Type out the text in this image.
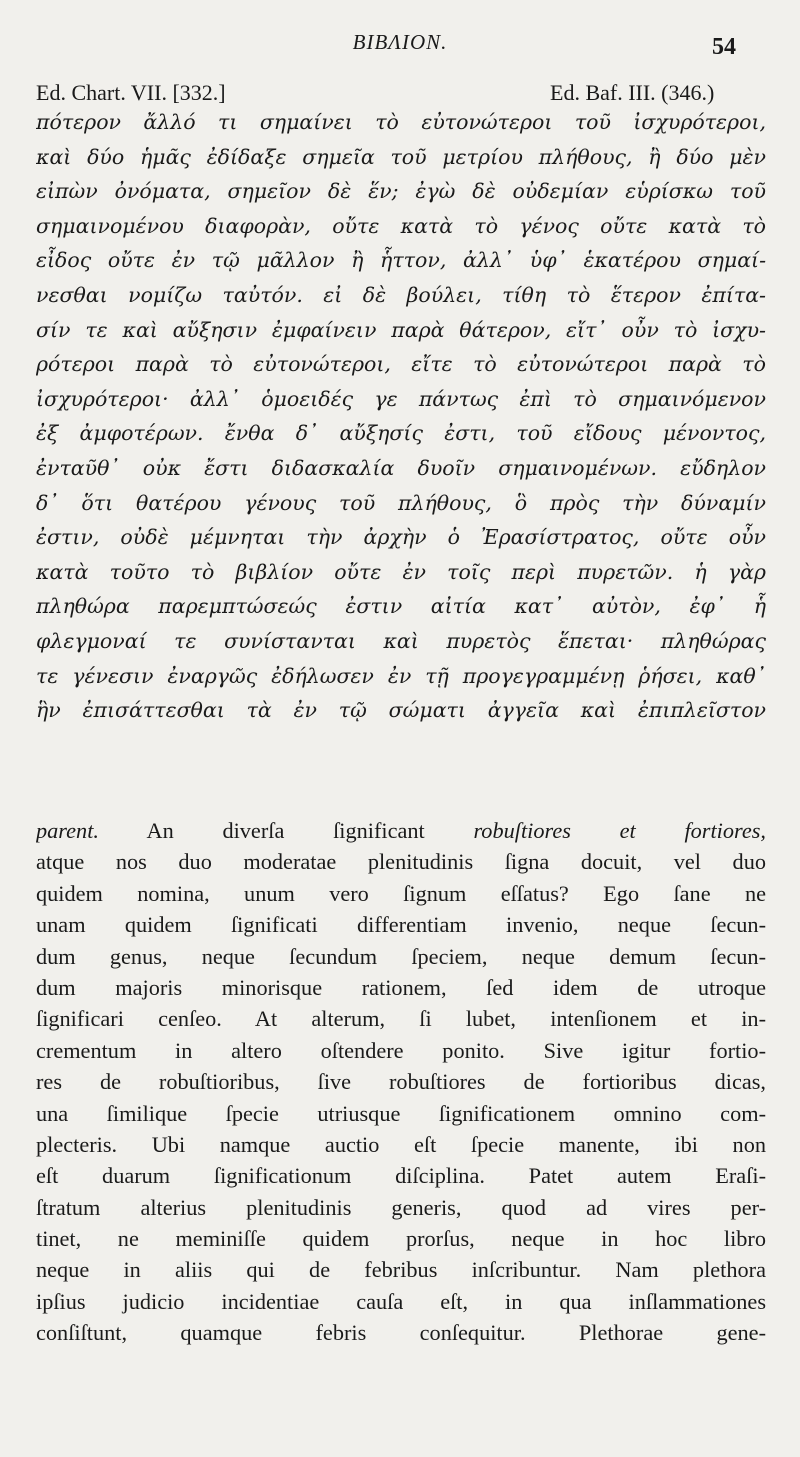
ΒΙΒΛΙΟΝ.	54
Ed. Chart. VII. [332.]	Ed. Baf. III. (346.)
πότερον ἄλλό τι σημαίνει τὸ εὐτονώτεροι τοῦ ἰσχυρότεροι,
καὶ δύο ἡμᾶς ἐδίδαξε σημεῖα τοῦ μετρίου πλήθους, ἢ δύο μὲν
εἰπὼν ὀνόματα, σημεῖον δὲ ἕν; ἐγὼ δὲ οὐδεμίαν εὑρίσκω τοῦ
σημαινομένου διαφορὰν, οὔτε κατὰ τὸ γένος οὔτε κατὰ τὸ
εἶδος οὔτε ἐν τῷ μᾶλλον ἢ ἧττον, ἀλλ᾽ ὑφ᾽ ἑκατέρου σημαί-
νεσθαι νομίζω ταὐτόν. εἰ δὲ βούλει, τίθη τὸ ἕτερον ἐπίτα-
σίν τε καὶ αὔξησιν ἐμφαίνειν παρὰ θάτερον, εἴτ᾽ οὖν τὸ ἰσχυ-
ρότεροι παρὰ τὸ εὐτονώτεροι, εἴτε τὸ εὐτονώτεροι παρὰ τὸ
ἰσχυρότεροι· ἀλλ᾽ ὁμοειδές γε πάντως ἐπὶ τὸ σημαινόμενον
ἐξ ἀμφοτέρων. ἔνθα δ᾽ αὔξησίς ἐστι, τοῦ εἴδους μένοντος,
ἐνταῦθ᾽ οὐκ ἔστι διδασκαλία δυοῖν σημαινομένων. εὔδηλον
δ᾽ ὅτι θατέρου γένους τοῦ πλήθους, ὃ πρὸς τὴν δύναμίν
ἐστιν, οὐδὲ μέμνηται τὴν ἀρχὴν ὁ Ἐρασίστρατος, οὔτε οὖν
κατὰ τοῦτο τὸ βιβλίον οὔτε ἐν τοῖς περὶ πυρετῶν. ἡ γὰρ
πληθώρα παρεμπτώσεώς ἐστιν αἰτία κατ᾽ αὐτὸν, ἐφ᾽ ἧ
φλεγμοναί τε συνίστανται καὶ πυρετὸς ἕπεται· πληθώρας
τε γένεσιν ἐναργῶς ἐδήλωσεν ἐν τῇ προγεγραμμένῃ ῥήσει, καθ᾽
ἣν ἐπισάττεσθαι τὰ ἐν τῷ σώματι ἀγγεῖα καὶ ἐπιπλεῖστον
parent. An diverſa ſignificant robuſtiores et fortiores,
atque nos duo moderatae plenitudinis ſigna docuit, vel duo
quidem nomina, unum vero ſignum eſſatus? Ego ſane ne
unam quidem ſignificati differentiam invenio, neque ſecun-
dum genus, neque ſecundum ſpeciem, neque demum ſecun-
dum majoris minorisque rationem, ſed idem de utroque
ſignificari cenſeo. At alterum, ſi lubet, intenſionem et in-
crementum in altero oſtendere ponito. Sive igitur fortio-
res de robuſtioribus, ſive robuſtiores de fortioribus dicas,
una ſimilique ſpecie utriusque ſignificationem omnino com-
plecteris. Ubi namque auctio eſt ſpecie manente, ibi non
eſt duarum ſignificationum diſciplina. Patet autem Eraſi-
ſtratum alterius plenitudinis generis, quod ad vires per-
tinet, ne meminiſſe quidem prorſus, neque in hoc libro
neque in aliis qui de febribus inſcribuntur. Nam plethora
ipſius judicio incidentiae cauſa eſt, in qua inſlammationes
conſiſtunt, quamque febris conſequitur. Plethorae gene-
